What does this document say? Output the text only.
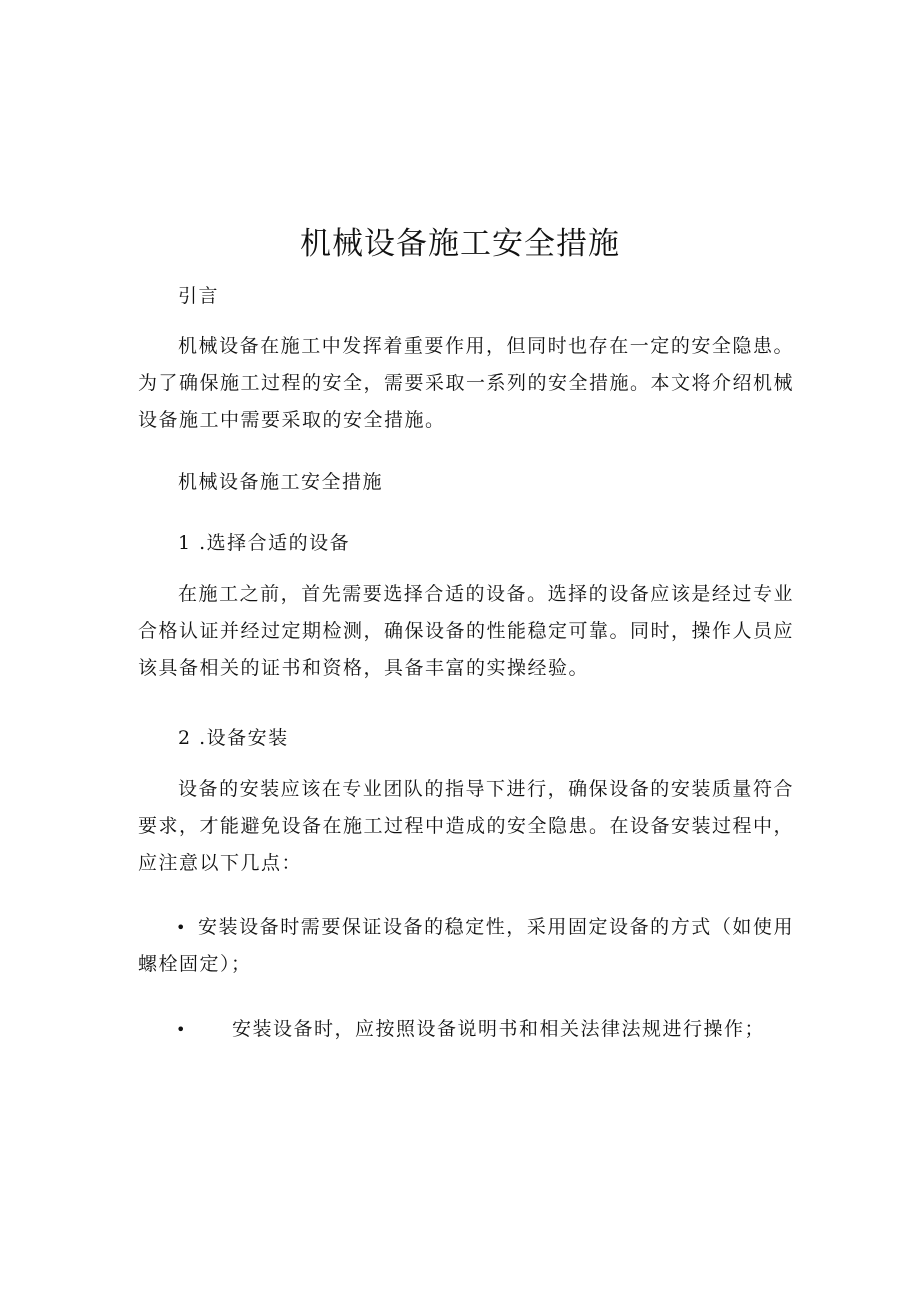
机械设备施工安全措施

引言

机械设备在施工中发挥着重要作用，但同时也存在一定的安全隐患。为了确保施工过程的安全，需要采取一系列的安全措施。本文将介绍机械设备施工中需要采取的安全措施。

机械设备施工安全措施

1 .选择合适的设备

在施工之前，首先需要选择合适的设备。选择的设备应该是经过专业合格认证并经过定期检测，确保设备的性能稳定可靠。同时，操作人员应该具备相关的证书和资格，具备丰富的实操经验。

2 .设备安装

设备的安装应该在专业团队的指导下进行，确保设备的安装质量符合要求，才能避免设备在施工过程中造成的安全隐患。在设备安装过程中，应注意以下几点：

• 安装设备时需要保证设备的稳定性，采用固定设备的方式（如使用螺栓固定）；

• 安装设备时，应按照设备说明书和相关法律法规进行操作；
